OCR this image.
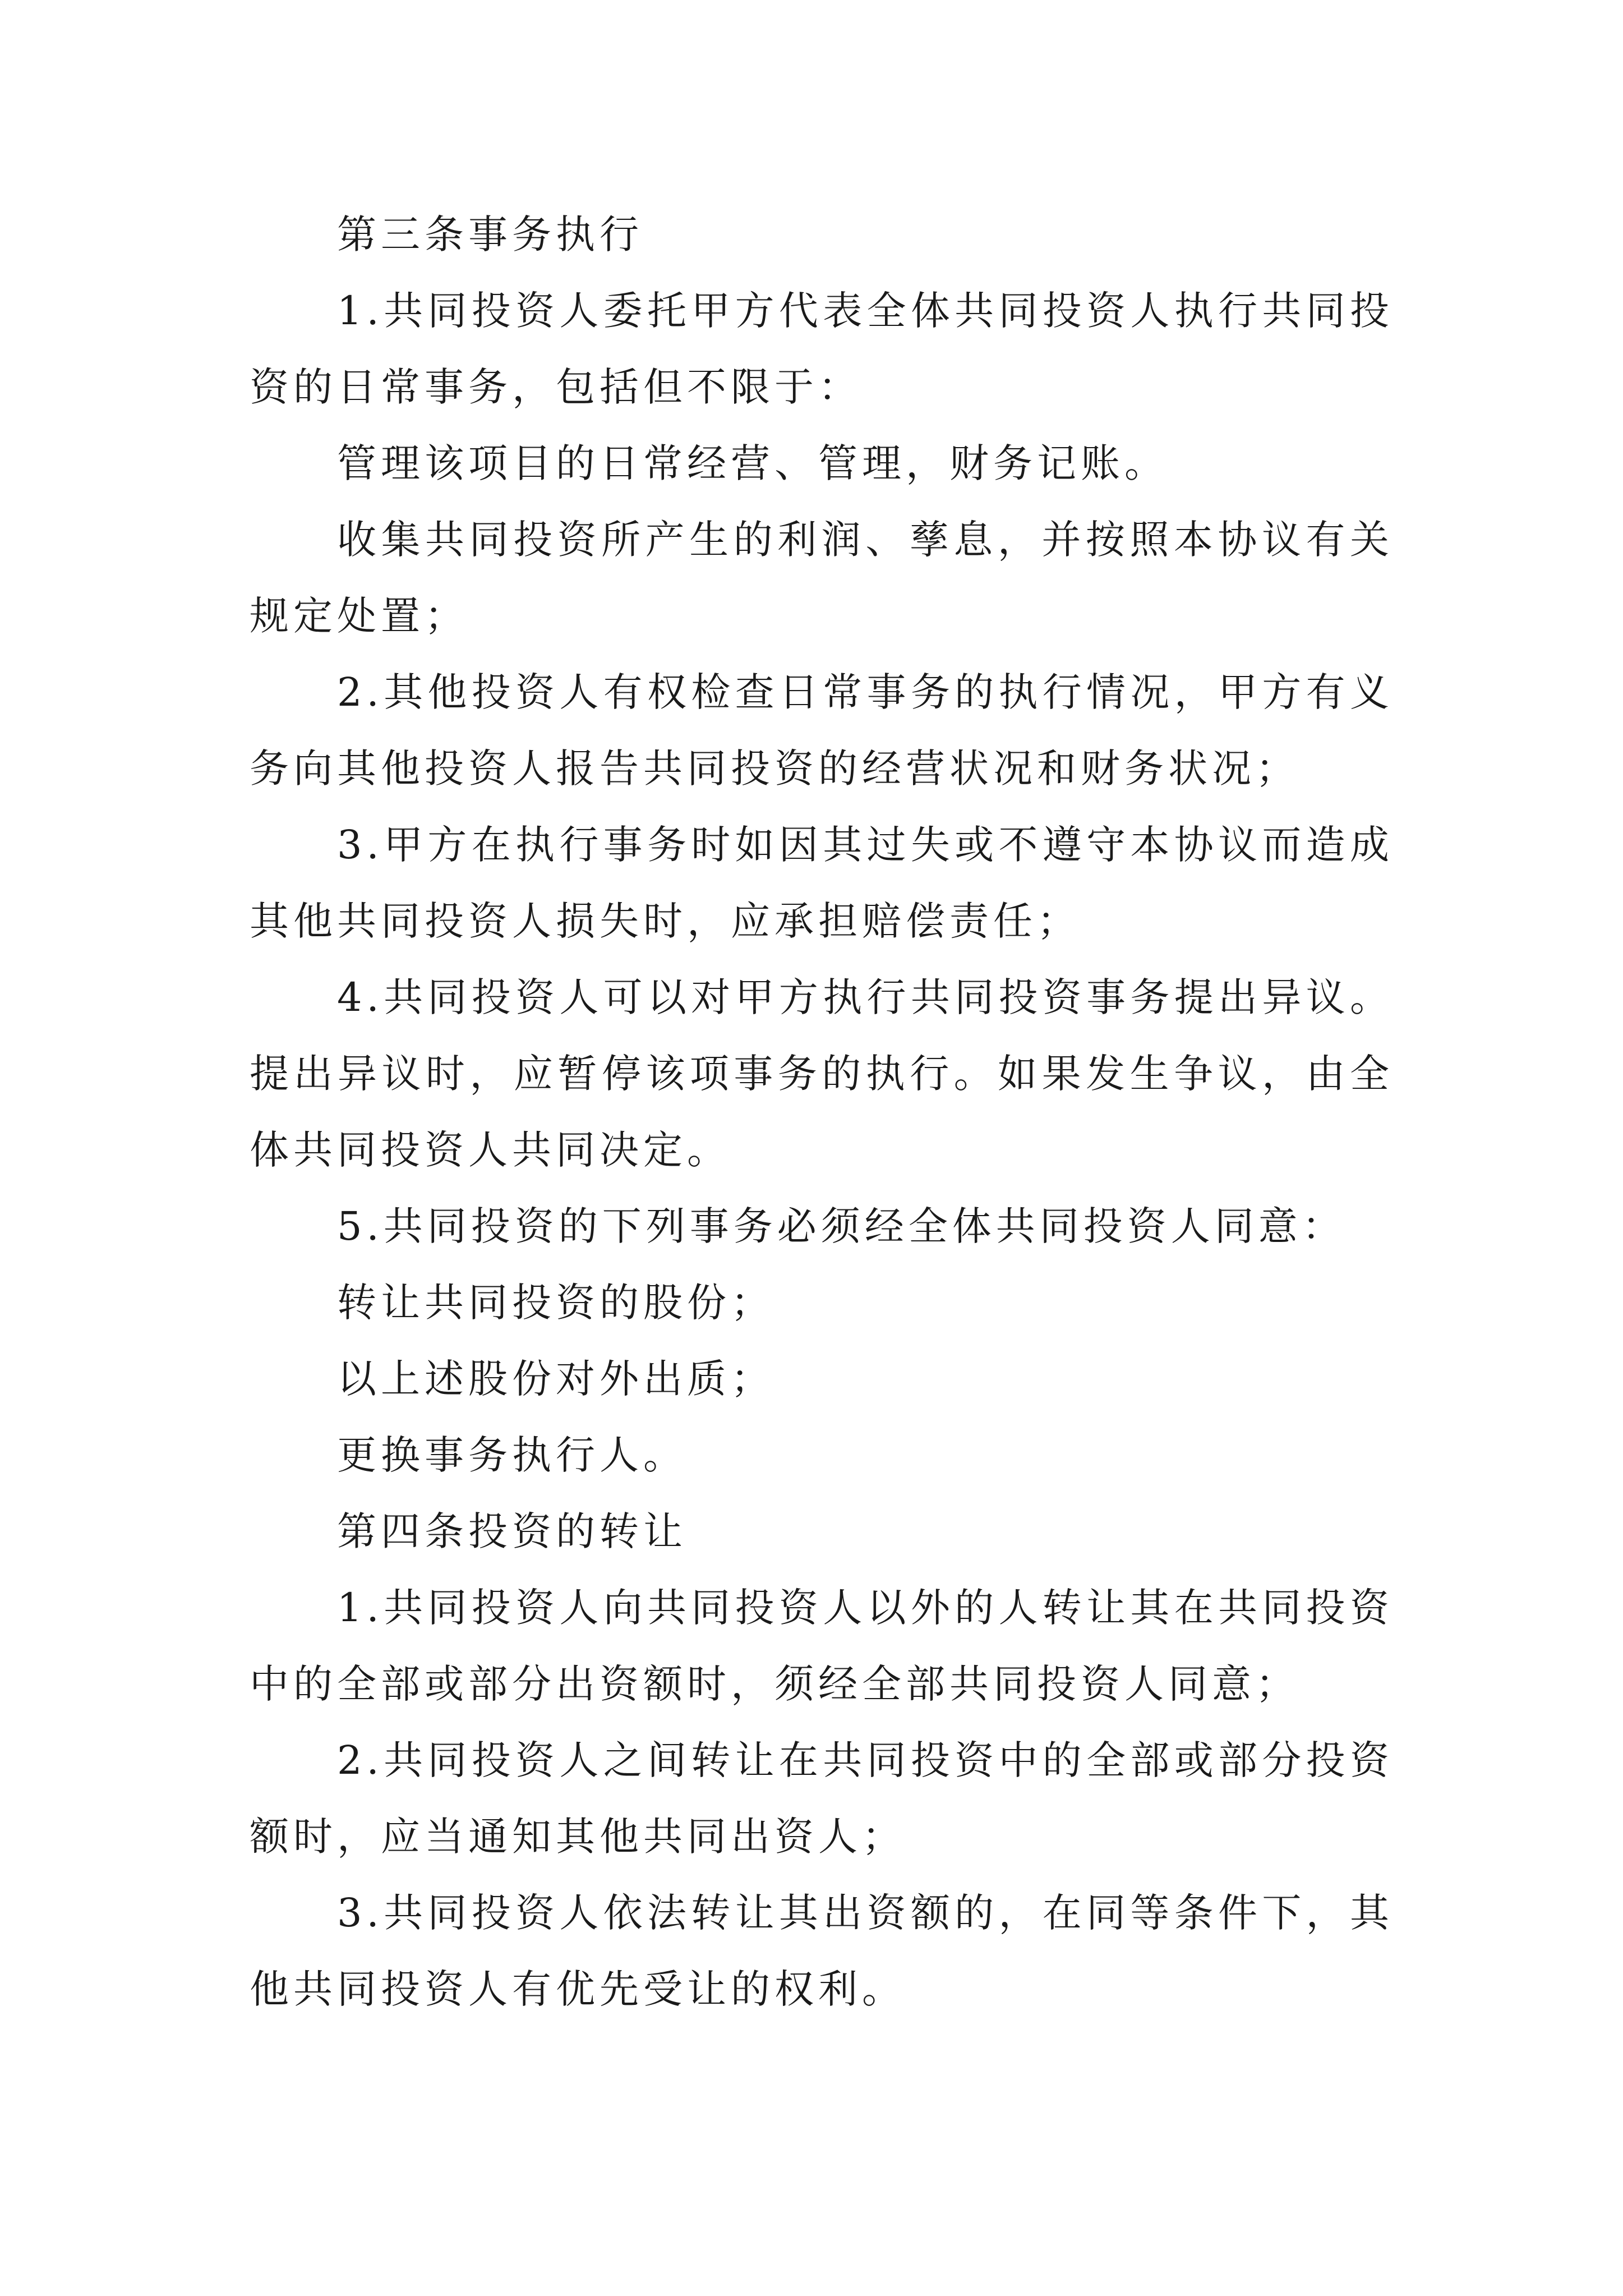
第三条事务执行

1.共同投资人委托甲方代表全体共同投资人执行共同投资的日常事务，包括但不限于：

管理该项目的日常经营、管理，财务记账。

收集共同投资所产生的利润、孳息，并按照本协议有关规定处置；

2.其他投资人有权检查日常事务的执行情况，甲方有义务向其他投资人报告共同投资的经营状况和财务状况；

3.甲方在执行事务时如因其过失或不遵守本协议而造成其他共同投资人损失时，应承担赔偿责任；

4.共同投资人可以对甲方执行共同投资事务提出异议。提出异议时，应暂停该项事务的执行。如果发生争议，由全体共同投资人共同决定。

5.共同投资的下列事务必须经全体共同投资人同意：

转让共同投资的股份；

以上述股份对外出质；

更换事务执行人。

第四条投资的转让

1.共同投资人向共同投资人以外的人转让其在共同投资中的全部或部分出资额时，须经全部共同投资人同意；

2.共同投资人之间转让在共同投资中的全部或部分投资额时，应当通知其他共同出资人；

3.共同投资人依法转让其出资额的，在同等条件下，其他共同投资人有优先受让的权利。
